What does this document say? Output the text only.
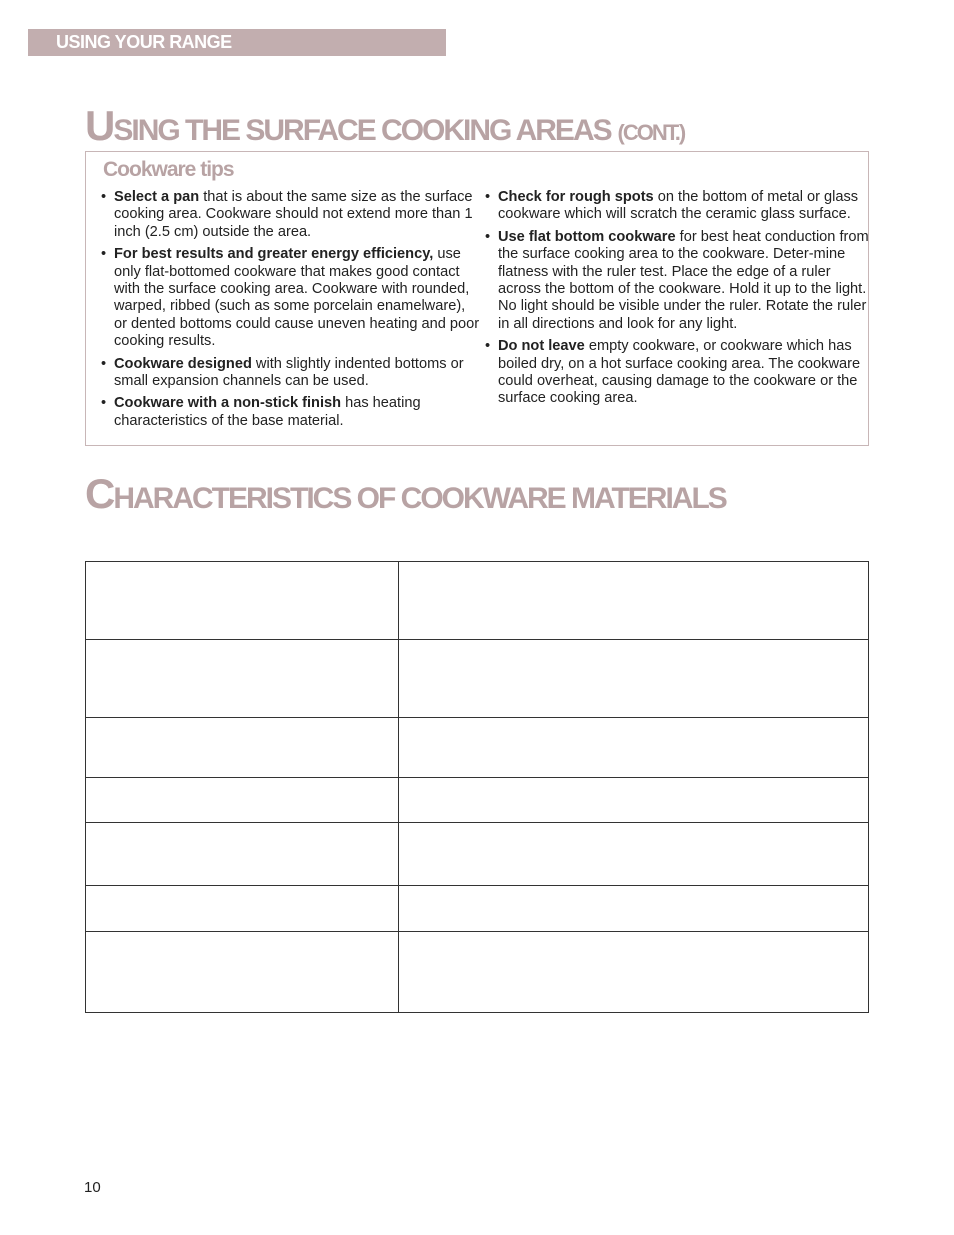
USING YOUR RANGE
USING THE SURFACE COOKING AREAS (CONT.)
Cookware tips
• Select a pan that is about the same size as the surface cooking area. Cookware should not extend more than 1 inch (2.5 cm) outside the area.
• For best results and greater energy efficiency, use only flat-bottomed cookware that makes good contact with the surface cooking area. Cookware with rounded, warped, ribbed (such as some porcelain enamelware), or dented bottoms could cause uneven heating and poor cooking results.
• Cookware designed with slightly indented bottoms or small expansion channels can be used.
• Cookware with a non-stick finish has heating characteristics of the base material.
• Check for rough spots on the bottom of metal or glass cookware which will scratch the ceramic glass surface.
• Use flat bottom cookware for best heat conduction from the surface cooking area to the cookware. Deter-mine flatness with the ruler test. Place the edge of a ruler across the bottom of the cookware. Hold it up to the light. No light should be visible under the ruler. Rotate the ruler in all directions and look for any light.
• Do not leave empty cookware, or cookware which has boiled dry, on a hot surface cooking area. The cookware could overheat, causing damage to the cookware or the surface cooking area.
CHARACTERISTICS OF COOKWARE MATERIALS

10
